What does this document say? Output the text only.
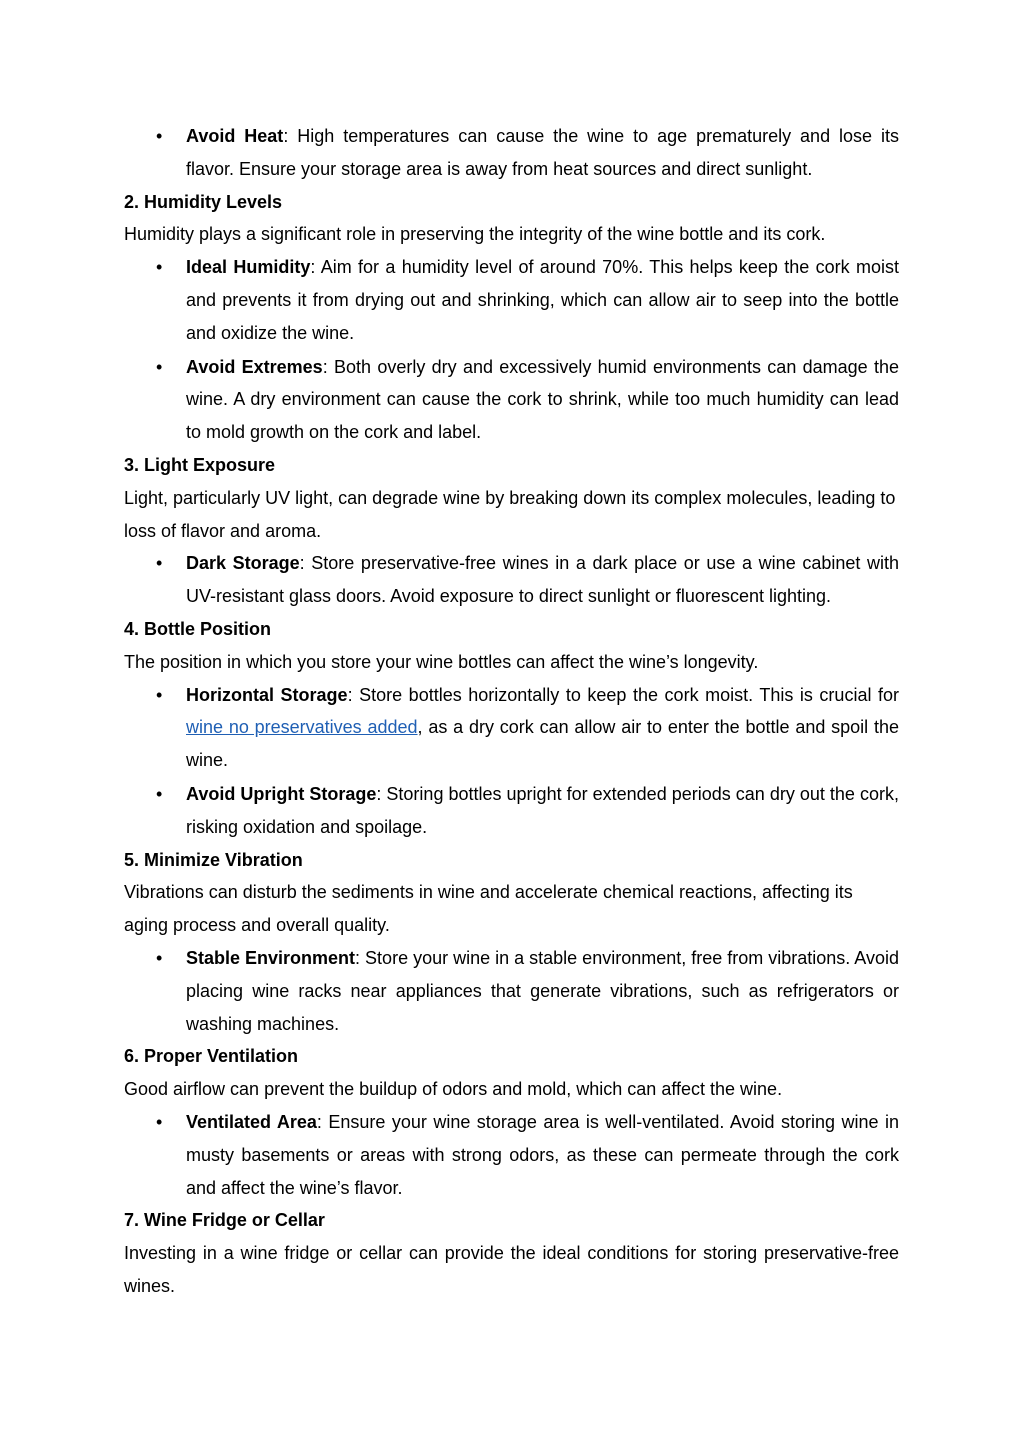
• Avoid Heat: High temperatures can cause the wine to age prematurely and lose its flavor. Ensure your storage area is away from heat sources and direct sunlight.

2. Humidity Levels

Humidity plays a significant role in preserving the integrity of the wine bottle and its cork.

• Ideal Humidity: Aim for a humidity level of around 70%. This helps keep the cork moist and prevents it from drying out and shrinking, which can allow air to seep into the bottle and oxidize the wine.
• Avoid Extremes: Both overly dry and excessively humid environments can damage the wine. A dry environment can cause the cork to shrink, while too much humidity can lead to mold growth on the cork and label.

3. Light Exposure

Light, particularly UV light, can degrade wine by breaking down its complex molecules, leading to loss of flavor and aroma.

• Dark Storage: Store preservative-free wines in a dark place or use a wine cabinet with UV-resistant glass doors. Avoid exposure to direct sunlight or fluorescent lighting.

4. Bottle Position

The position in which you store your wine bottles can affect the wine’s longevity.

• Horizontal Storage: Store bottles horizontally to keep the cork moist. This is crucial for wine no preservatives added, as a dry cork can allow air to enter the bottle and spoil the wine.
• Avoid Upright Storage: Storing bottles upright for extended periods can dry out the cork, risking oxidation and spoilage.

5. Minimize Vibration

Vibrations can disturb the sediments in wine and accelerate chemical reactions, affecting its aging process and overall quality.

• Stable Environment: Store your wine in a stable environment, free from vibrations. Avoid placing wine racks near appliances that generate vibrations, such as refrigerators or washing machines.

6. Proper Ventilation

Good airflow can prevent the buildup of odors and mold, which can affect the wine.

• Ventilated Area: Ensure your wine storage area is well-ventilated. Avoid storing wine in musty basements or areas with strong odors, as these can permeate through the cork and affect the wine’s flavor.

7. Wine Fridge or Cellar

Investing in a wine fridge or cellar can provide the ideal conditions for storing preservative-free wines.
